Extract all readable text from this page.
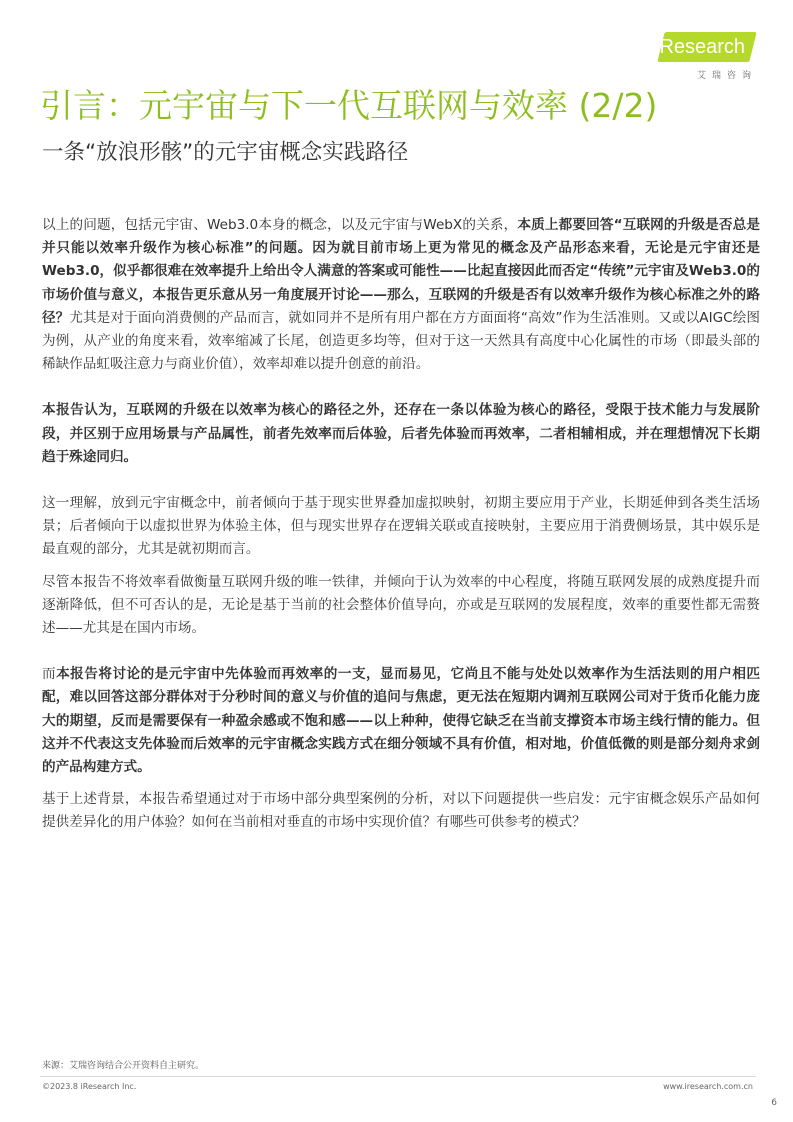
iResearch
艾瑞咨询
引言：元宇宙与下一代互联网与效率 (2/2)
一条“放浪形骸”的元宇宙概念实践路径

以上的问题，包括元宇宙、Web3.0本身的概念，以及元宇宙与WebX的关系，本质上都要回答“互联网的升级是否总是并只能以效率升级作为核心标准”的问题。因为就目前市场上更为常见的概念及产品形态来看，无论是元宇宙还是Web3.0，似乎都很难在效率提升上给出令人满意的答案或可能性——比起直接因此而否定“传统”元宇宙及Web3.0的市场价值与意义，本报告更乐意从另一角度展开讨论——那么，互联网的升级是否有以效率升级作为核心标准之外的路径？尤其是对于面向消费侧的产品而言，就如同并不是所有用户都在方方面面将“高效”作为生活准则。又或以AIGC绘图为例，从产业的角度来看，效率缩减了长尾，创造更多均等，但对于这一天然具有高度中心化属性的市场（即最头部的稀缺作品虹吸注意力与商业价值），效率却难以提升创意的前沿。

本报告认为，互联网的升级在以效率为核心的路径之外，还存在一条以体验为核心的路径，受限于技术能力与发展阶段，并区别于应用场景与产品属性，前者先效率而后体验，后者先体验而再效率，二者相辅相成，并在理想情况下长期趋于殊途同归。

这一理解，放到元宇宙概念中，前者倾向于基于现实世界叠加虚拟映射，初期主要应用于产业，长期延伸到各类生活场景；后者倾向于以虚拟世界为体验主体，但与现实世界存在逻辑关联或直接映射，主要应用于消费侧场景，其中娱乐是最直观的部分，尤其是就初期而言。

尽管本报告不将效率看做衡量互联网升级的唯一铁律，并倾向于认为效率的中心程度，将随互联网发展的成熟度提升而逐渐降低，但不可否认的是，无论是基于当前的社会整体价值导向，亦或是互联网的发展程度，效率的重要性都无需赘述——尤其是在国内市场。

而本报告将讨论的是元宇宙中先体验而再效率的一支，显而易见，它尚且不能与处处以效率作为生活法则的用户相匹配，难以回答这部分群体对于分秒时间的意义与价值的追问与焦虑，更无法在短期内调剂互联网公司对于货币化能力庞大的期望，反而是需要保有一种盈余感或不饱和感——以上种种，使得它缺乏在当前支撑资本市场主线行情的能力。但这并不代表这支先体验而后效率的元宇宙概念实践方式在细分领域不具有价值，相对地，价值低微的则是部分刻舟求剑的产品构建方式。

基于上述背景，本报告希望通过对于市场中部分典型案例的分析，对以下问题提供一些启发：元宇宙概念娱乐产品如何提供差异化的用户体验？如何在当前相对垂直的市场中实现价值？有哪些可供参考的模式？

来源：艾瑞咨询结合公开资料自主研究。
©2023.8 iResearch Inc.	www.iresearch.com.cn
6
